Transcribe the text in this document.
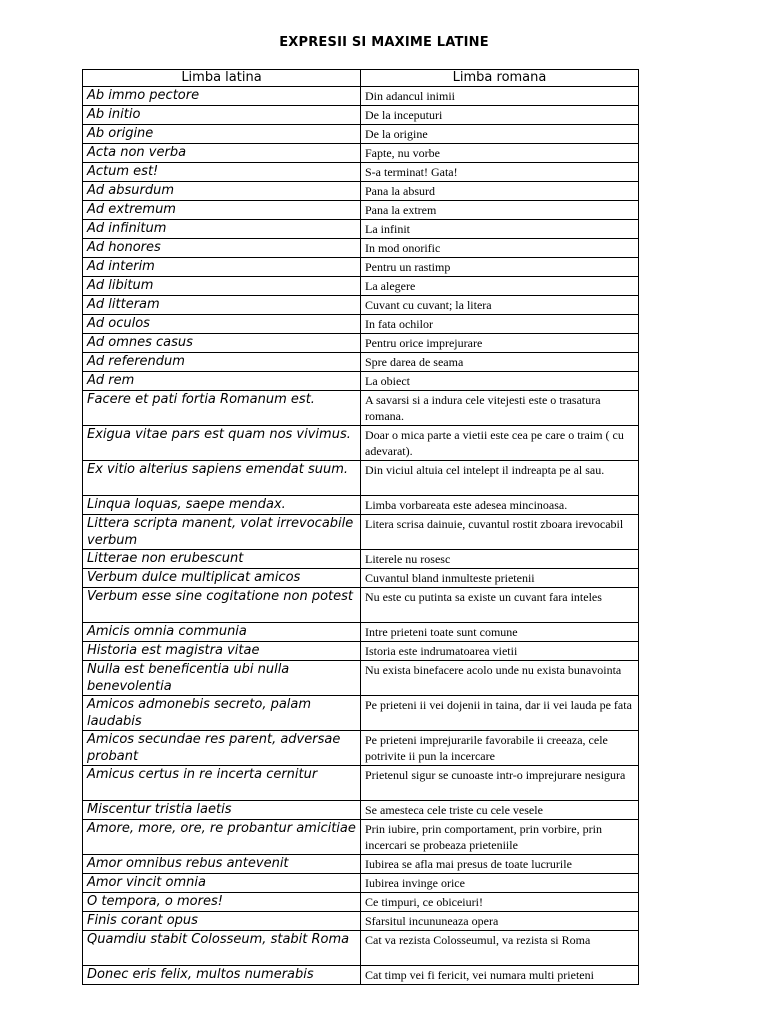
EXPRESII SI MAXIME LATINE
Limba latina	Limba romana
Ab immo pectore	Din adancul inimii
Ab initio	De la inceputuri
Ab origine	De la origine
Acta non verba	Fapte, nu vorbe
Actum est!	S-a terminat! Gata!
Ad absurdum	Pana la absurd
Ad extremum	Pana la extrem
Ad infinitum	La infinit
Ad honores	In mod onorific
Ad interim	Pentru un rastimp
Ad libitum	La alegere
Ad litteram	Cuvant cu cuvant; la litera
Ad oculos	In fata ochilor
Ad omnes casus	Pentru orice imprejurare
Ad referendum	Spre darea de seama
Ad rem	La obiect
Facere et pati fortia Romanum est.	A savarsi si a indura cele vitejesti este o trasatura romana.
Exigua vitae pars est quam nos vivimus.	Doar o mica parte a vietii este cea pe care o traim ( cu adevarat).
Ex vitio alterius sapiens emendat suum.	Din viciul altuia cel intelept il indreapta pe al sau.
Linqua loquas, saepe mendax.	Limba vorbareata este adesea mincinoasa.
Littera scripta manent, volat irrevocabile verbum	Litera scrisa dainuie, cuvantul rostit zboara irevocabil
Litterae non erubescunt	Literele nu rosesc
Verbum dulce multiplicat amicos	Cuvantul bland inmulteste prietenii
Verbum esse sine cogitatione non potest	Nu este cu putinta sa existe un cuvant fara inteles
Amicis omnia communia	Intre prieteni toate sunt comune
Historia est magistra vitae	Istoria este indrumatoarea vietii
Nulla est beneficentia ubi nulla benevolentia	Nu exista binefacere acolo unde nu exista bunavointa
Amicos admonebis secreto, palam laudabis	Pe prieteni ii vei dojenii in taina, dar ii vei lauda pe fata
Amicos secundae res parent, adversae probant	Pe prieteni imprejurarile favorabile ii creeaza, cele potrivite ii pun la incercare
Amicus certus in re incerta cernitur	Prietenul sigur se cunoaste intr-o imprejurare nesigura
Miscentur tristia laetis	Se amesteca cele triste cu cele vesele
Amore, more, ore, re probantur amicitiae	Prin iubire, prin comportament, prin vorbire, prin incercari se probeaza prieteniile
Amor omnibus rebus antevenit	Iubirea se afla mai presus de toate lucrurile
Amor vincit omnia	Iubirea invinge orice
O tempora, o mores!	Ce timpuri, ce obiceiuri!
Finis corant opus	Sfarsitul incununeaza opera
Quamdiu stabit Colosseum, stabit Roma	Cat va rezista Colosseumul, va rezista si Roma
Donec eris felix, multos numerabis	Cat timp vei fi fericit, vei numara multi prieteni
